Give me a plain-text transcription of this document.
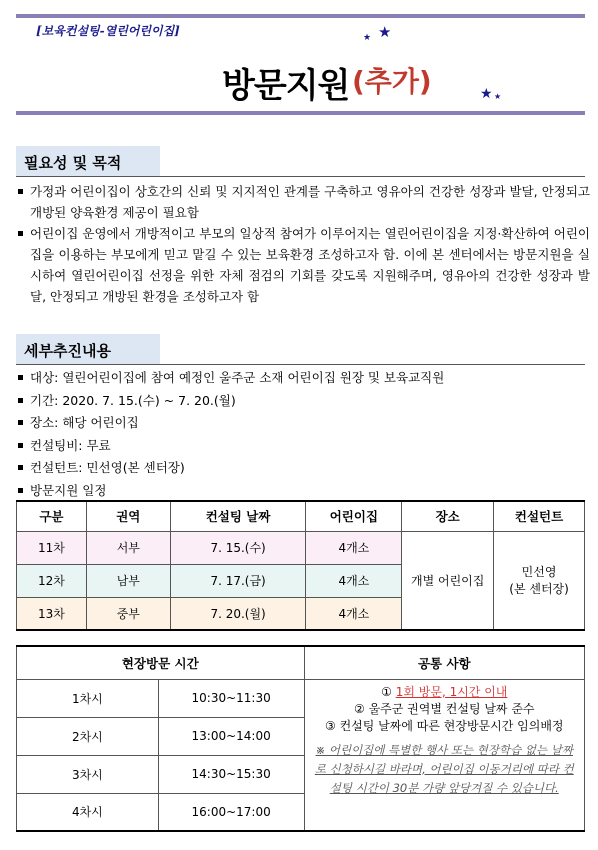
[보육컨설팅-열린어린이집]	★ ★
방문지원 (추가)	★ ★
필요성 및 목적
가정과 어린이집이 상호간의 신뢰 및 지지적인 관계를 구축하고 영유아의 건강한 성장과 발달, 안정되고 개방된 양육환경 제공이 필요함
어린이집 운영에서 개방적이고 부모의 일상적 참여가 이루어지는 열린어린이집을 지정·확산하여 어린이집을 이용하는 부모에게 믿고 맡길 수 있는 보육환경 조성하고자 함. 이에 본 센터에서는 방문지원을 실시하여 열린어린이집 선정을 위한 자체 점검의 기회를 갖도록 지원해주며, 영유아의 건강한 성장과 발달, 안정되고 개방된 환경을 조성하고자 함
세부추진내용
대상: 열린어린이집에 참여 예정인 울주군 소재 어린이집 원장 및 보육교직원
기간: 2020. 7. 15.(수) ~ 7. 20.(월)
장소: 해당 어린이집
컨설팅비: 무료
컨설턴트: 민선영(본 센터장)
방문지원 일정
구분	권역	컨설팅 날짜	어린이집	장소	컨설턴트
11차	서부	7. 15.(수)	4개소	개별 어린이집	민선영
(본 센터장)

12차	남부	7. 17.(금)	4개소		
13차	중부	7. 20.(월)	4개소		
현장방문 시간		공통 사항
1차시	10:30~11:30	① 1회 방문, 1시간 이내
② 울주군 권역별 컨설팅 날짜 준수
③ 컨설팅 날짜에 따른 현장방문시간 임의배정
※ 어린이집에 특별한 행사 또는 현장학습 없는 날짜로 신청하시길 바라며, 어린이집 이동거리에 따라 컨설팅 시간이 30분 가량 앞당겨질 수 있습니다.

2차시	13:00~14:00	
3차시	14:30~15:30	
4차시	16:00~17:00	
